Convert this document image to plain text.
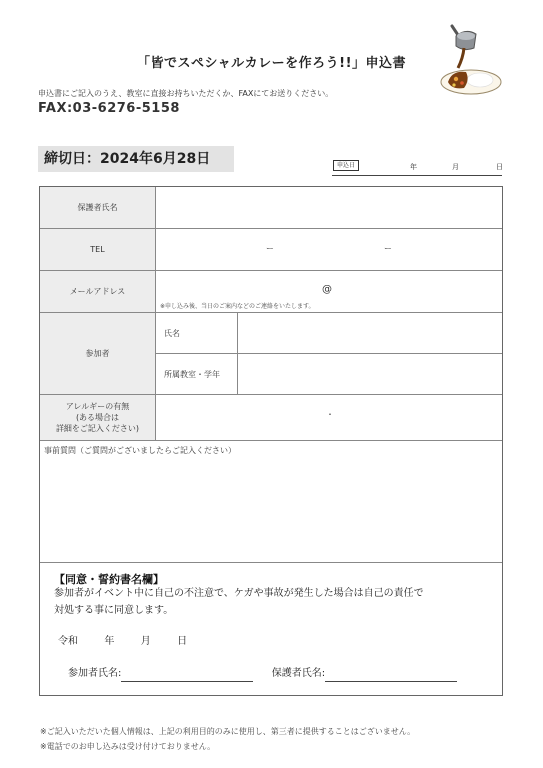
「皆でスペシャルカレーを作ろう!!」申込書
申込書にご記入のうえ、教室に直接お持ちいただくか、FAXにてお送りください。
FAX:03-6276-5158
締切日：2024年6月28日	申込日	年	月	日
保護者氏名
TEL	ー	ー
メールアドレス	@
※申し込み後、当日のご案内などのご連絡をいたします。
参加者
氏名
所属教室・学年
アレルギーの有無
(ある場合は
詳細をご記入ください)
・
事前質問（ご質問がございましたらご記入ください）
【同意・誓約書名欄】
参加者がイベント中に自己の不注意で、ケガや事故が発生した場合は自己の責任で
対処する事に同意します。
令和	年	月	日
参加者氏名:	保護者氏名:
※ご記入いただいた個人情報は、上記の利用目的のみに使用し、第三者に提供することはございません。
※電話でのお申し込みは受け付けておりません。
